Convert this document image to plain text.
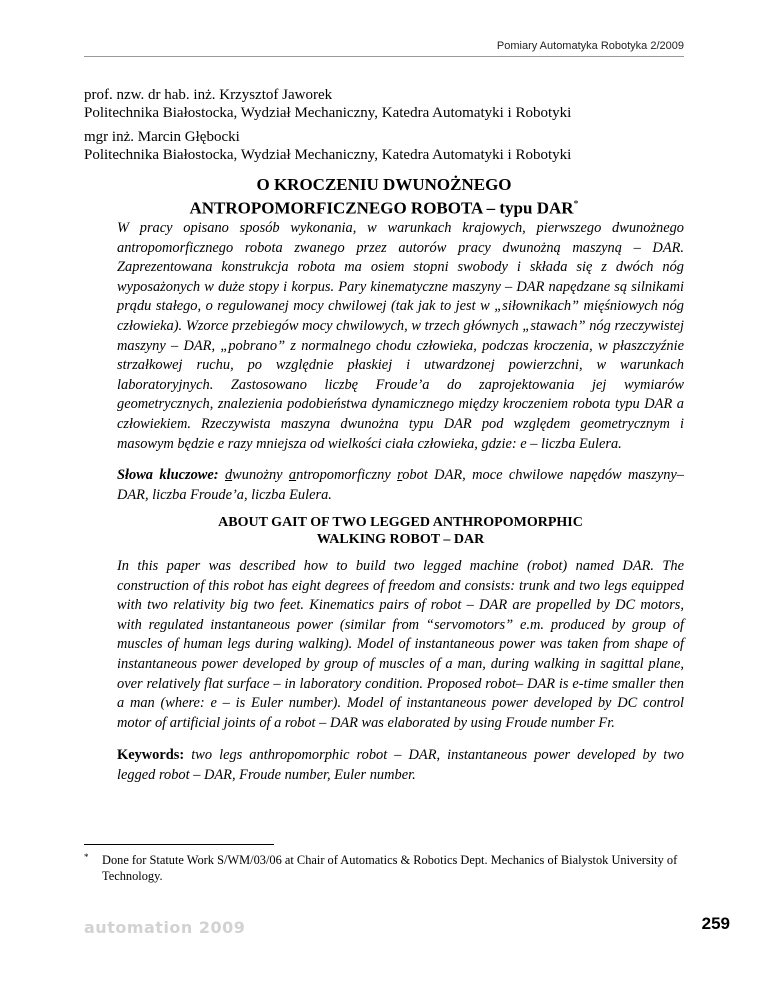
Pomiary Automatyka Robotyka 2/2009
prof. nzw. dr hab. inż. Krzysztof Jaworek
Politechnika Białostocka, Wydział Mechaniczny, Katedra Automatyki i Robotyki
mgr inż. Marcin Głębocki
Politechnika Białostocka, Wydział Mechaniczny, Katedra Automatyki i Robotyki
O KROCZENIU DWUNOŻNEGO
ANTROPOMORFICZNEGO ROBOTA – typu DAR*
W pracy opisano sposób wykonania, w warunkach krajowych, pierwszego dwunożnego antropomorficznego robota zwanego przez autorów pracy dwunożną maszyną – DAR. Zaprezentowana konstrukcja robota ma osiem stopni swobody i składa się z dwóch nóg wyposażonych w duże stopy i korpus. Pary kinematyczne maszyny – DAR napędzane są silnikami prądu stałego, o regulowanej mocy chwilowej (tak jak to jest w „siłownikach” mięśniowych nóg człowieka). Wzorce przebiegów mocy chwilowych, w trzech głównych „stawach” nóg rzeczywistej maszyny – DAR, „pobrano” z normalnego chodu człowieka, podczas kroczenia, w płaszczyźnie strzałkowej ruchu, po względnie płaskiej i utwardzonej powierzchni, w warunkach laboratoryjnych. Zastosowano liczbę Froude’a do zaprojektowania jej wymiarów geometrycznych, znalezienia podobieństwa dynamicznego między kroczeniem robota typu DAR a człowiekiem. Rzeczywista maszyna dwunożna typu DAR pod względem geometrycznym i masowym będzie e razy mniejsza od wielkości ciała człowieka, gdzie: e – liczba Eulera.
Słowa kluczowe: dwunożny antropomorficzny robot DAR, moce chwilowe napędów maszyny– DAR, liczba Froude’a, liczba Eulera.
ABOUT GAIT OF TWO LEGGED ANTHROPOMORPHIC
WALKING ROBOT – DAR
In this paper was described how to build two legged machine (robot) named DAR. The construction of this robot has eight degrees of freedom and consists: trunk and two legs equipped with two relativity big two feet. Kinematics pairs of robot – DAR are propelled by DC motors, with regulated instantaneous power (similar from “servomotors” e.m. produced by group of muscles of human legs during walking). Model of instantaneous power was taken from shape of instantaneous power developed by group of muscles of a man, during walking in sagittal plane, over relatively flat surface – in laboratory condition. Proposed robot– DAR is e-time smaller then a man (where: e – is Euler number). Model of instantaneous power developed by DC control motor of artificial joints of a robot – DAR was elaborated by using Froude number Fr.
Keywords: two legs anthropomorphic robot – DAR, instantaneous power developed by two legged robot – DAR, Froude number, Euler number.
* Done for Statute Work S/WM/03/06 at Chair of Automatics & Robotics Dept. Mechanics of Bialystok University of Technology.
automation 2009	259
